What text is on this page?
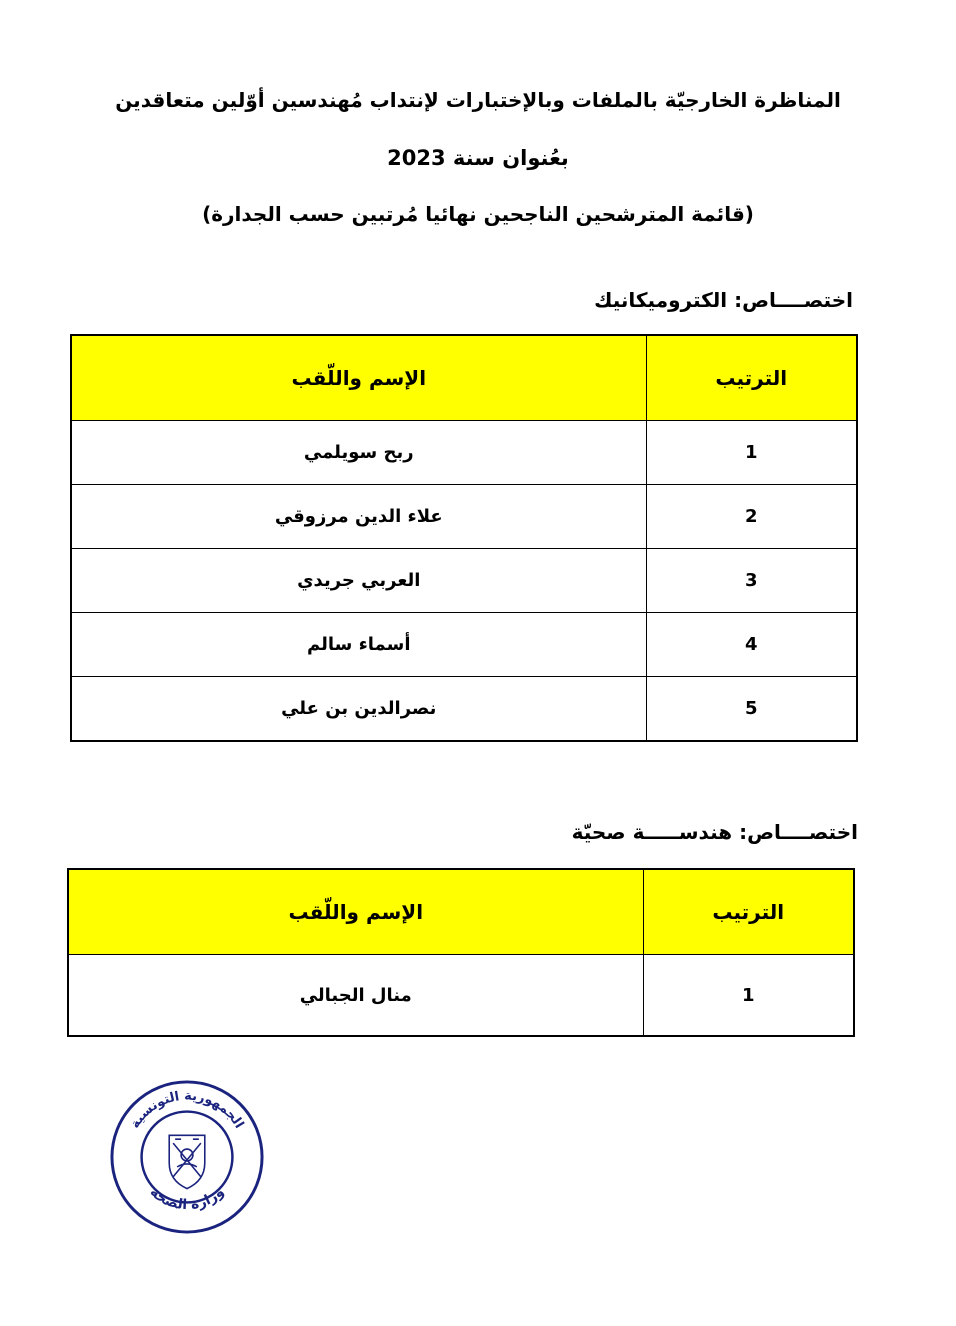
المناظرة الخارجيّة بالملفات وبالإختبارات لإنتداب مُهندسين أوّلين متعاقدين
بعُنوان سنة 2023
(قائمة المترشحين الناجحين نهائيا مُرتبين حسب الجدارة)
اختصــــاص: الكتروميكانيك
الترتيب	الإسم واللّقب
1	ربح سويلمي
2	علاء الدين مرزوقي
3	العربي جريدي
4	أسماء سالم
5	نصرالدين بن علي
اختصــــاص: هندســـــة صحيّة
الترتيب	الإسم واللّقب
1	منال الجبالي
الجمهورية التونسية
وزارة الصحة
